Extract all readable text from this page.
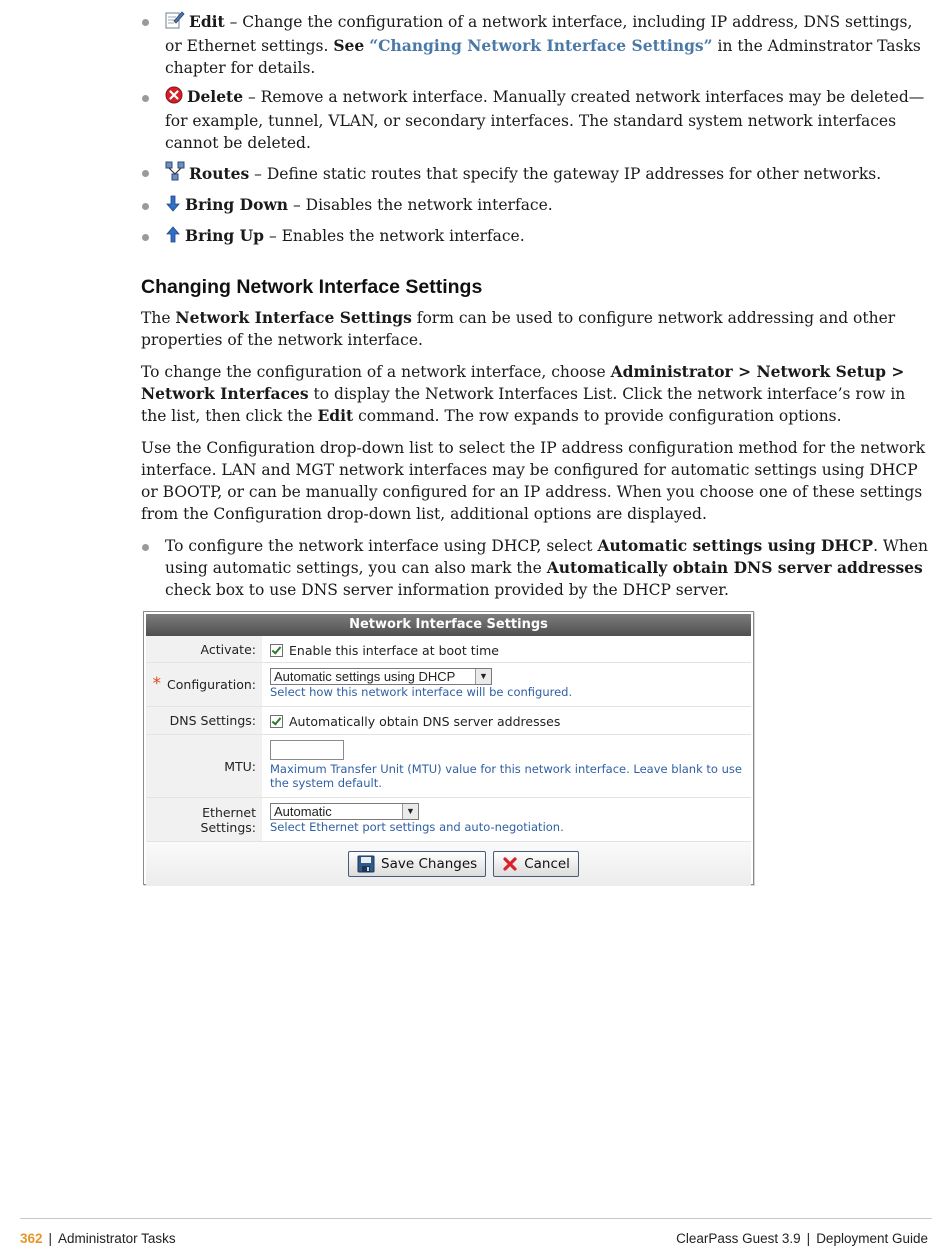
Edit – Change the configuration of a network interface, including IP address, DNS settings, or Ethernet settings. See “Changing Network Interface Settings” in the Adminstrator Tasks chapter for details.
Delete – Remove a network interface. Manually created network interfaces may be deleted—for example, tunnel, VLAN, or secondary interfaces. The standard system network interfaces cannot be deleted.
Routes – Define static routes that specify the gateway IP addresses for other networks.
Bring Down – Disables the network interface.
Bring Up – Enables the network interface.
Changing Network Interface Settings

The Network Interface Settings form can be used to configure network addressing and other properties of the network interface.

To change the configuration of a network interface, choose Administrator > Network Setup > Network Interfaces to display the Network Interfaces List. Click the network interface’s row in the list, then click the Edit command. The row expands to provide configuration options.

Use the Configuration drop-down list to select the IP address configuration method for the network interface. LAN and MGT network interfaces may be configured for automatic settings using DHCP or BOOTP, or can be manually configured for an IP address. When you choose one of these settings from the Configuration drop-down list, additional options are displayed.

To configure the network interface using DHCP, select Automatic settings using DHCP. When using automatic settings, you can also mark the Automatically obtain DNS server addresses check box to use DNS server information provided by the DHCP server.
Network Interface Settings
Activate:	Enable this interface at boot time
* Configuration:
Automatic settings using DHCP	▼
Select how this network interface will be configured.
DNS Settings:	Automatically obtain DNS server addresses
MTU:	Maximum Transfer Unit (MTU) value for this network interface. Leave blank to use the system default.
Ethernet
Settings:
Automatic	▼
Select Ethernet port settings and auto-negotiation.
Save Changes	Cancel
362 | Administrator Tasks	ClearPass Guest 3.9 | Deployment Guide
